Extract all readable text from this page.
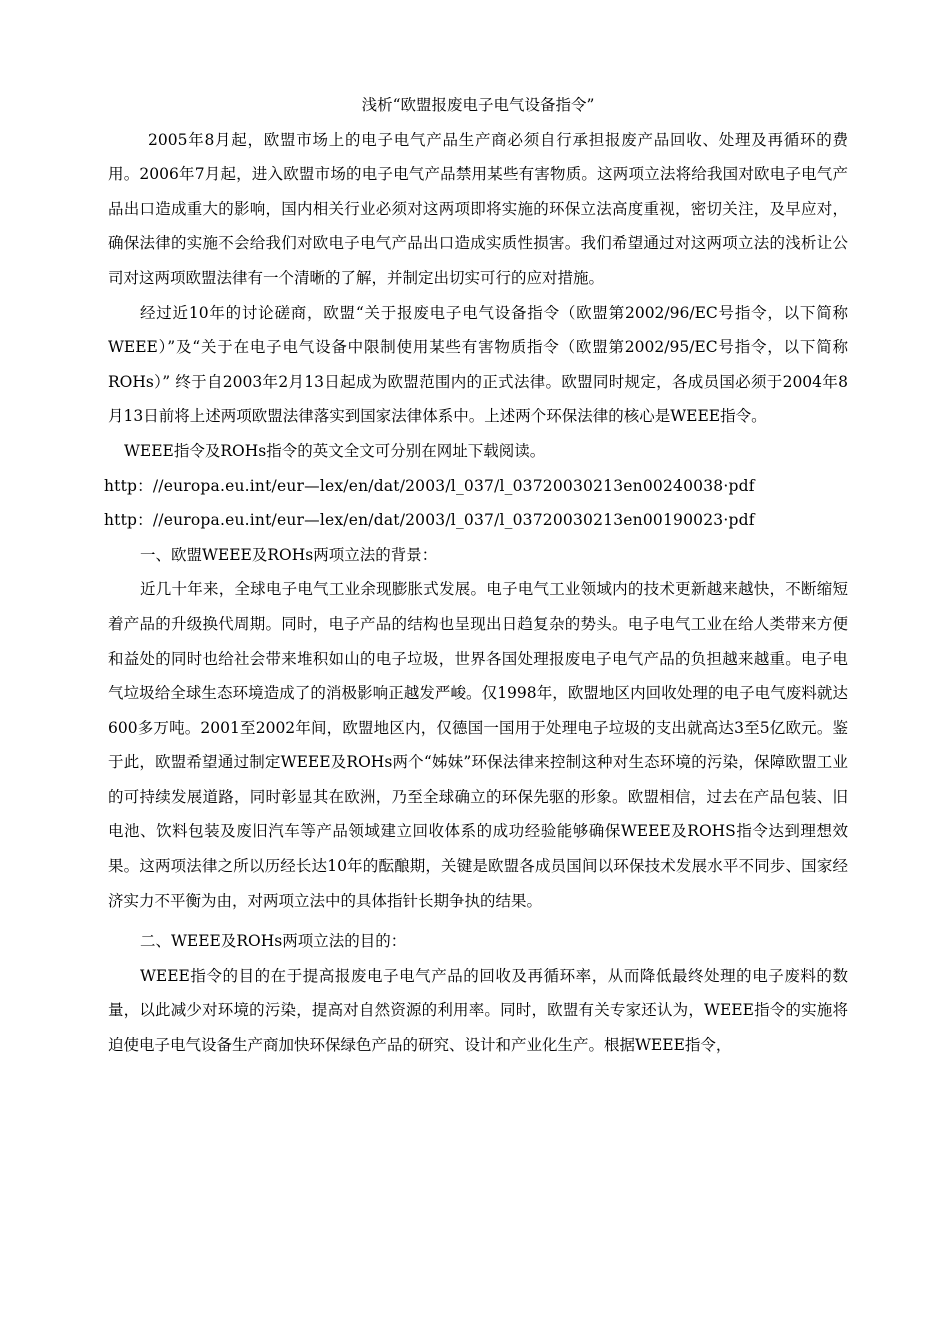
浅析“欧盟报废电子电气设备指令”

2005年8月起，欧盟市场上的电子电气产品生产商必须自行承担报废产品回收、处理及再循环的费用。2006年7月起，进入欧盟市场的电子电气产品禁用某些有害物质。这两项立法将给我国对欧电子电气产品出口造成重大的影响，国内相关行业必须对这两项即将实施的环保立法高度重视，密切关注，及早应对，确保法律的实施不会给我们对欧电子电气产品出口造成实质性损害。我们希望通过对这两项立法的浅析让公司对这两项欧盟法律有一个清晰的了解，并制定出切实可行的应对措施。

经过近10年的讨论磋商，欧盟“关于报废电子电气设备指令（欧盟第2002/96/EC号指令，以下简称WEEE）”及“关于在电子电气设备中限制使用某些有害物质指令（欧盟第2002/95/EC号指令，以下简称ROHs）” 终于自2003年2月13日起成为欧盟范围内的正式法律。欧盟同时规定，各成员国必须于2004年8月13日前将上述两项欧盟法律落实到国家法律体系中。上述两个环保法律的核心是WEEE指令。

WEEE指令及ROHs指令的英文全文可分别在网址下载阅读。

http：//europa.eu.int/eur—lex/en/dat/2003/l_037/l_03720030213en00240038·pdf

http：//europa.eu.int/eur—lex/en/dat/2003/l_037/l_03720030213en00190023·pdf

一、欧盟WEEE及ROHs两项立法的背景：

近几十年来，全球电子电气工业余现膨胀式发展。电子电气工业领域内的技术更新越来越快，不断缩短着产品的升级换代周期。同时，电子产品的结构也呈现出日趋复杂的势头。电子电气工业在给人类带来方便和益处的同时也给社会带来堆积如山的电子垃圾，世界各国处理报废电子电气产品的负担越来越重。电子电气垃圾给全球生态环境造成了的消极影响正越发严峻。仅1998年，欧盟地区内回收处理的电子电气废料就达600多万吨。2001至2002年间，欧盟地区内，仅德国一国用于处理电子垃圾的支出就高达3至5亿欧元。鉴于此，欧盟希望通过制定WEEE及ROHs两个“姊妹”环保法律来控制这种对生态环境的污染，保障欧盟工业的可持续发展道路，同时彰显其在欧洲，乃至全球确立的环保先驱的形象。欧盟相信，过去在产品包装、旧电池、饮料包装及废旧汽车等产品领域建立回收体系的成功经验能够确保WEEE及ROHS指令达到理想效果。这两项法律之所以历经长达10年的酝酿期，关键是欧盟各成员国间以环保技术发展水平不同步、国家经济实力不平衡为由，对两项立法中的具体指针长期争执的结果。

二、WEEE及ROHs两项立法的目的：

WEEE指令的目的在于提高报废电子电气产品的回收及再循环率，从而降低最终处理的电子废料的数量，以此减少对环境的污染，提高对自然资源的利用率。同时，欧盟有关专家还认为，WEEE指令的实施将迫使电子电气设备生产商加快环保绿色产品的研究、设计和产业化生产。根据WEEE指令，
